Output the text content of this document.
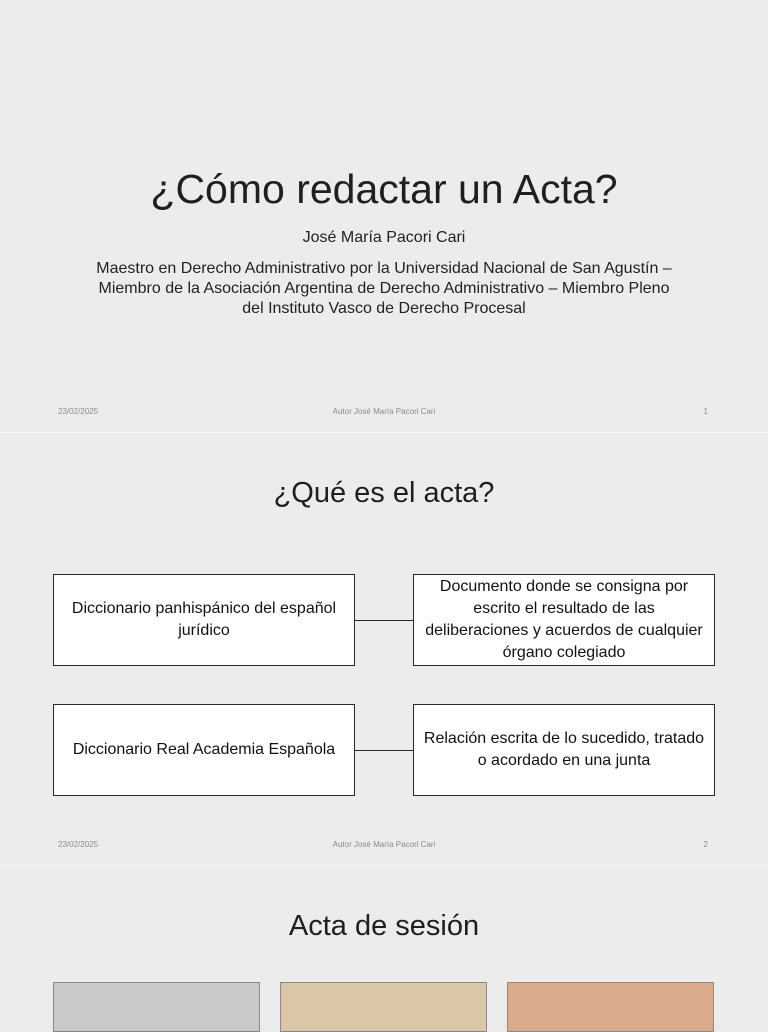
¿Cómo redactar un Acta?
José María Pacori Cari
Maestro en Derecho Administrativo por la Universidad Nacional de San Agustín – Miembro de la Asociación Argentina de Derecho Administrativo – Miembro Pleno del Instituto Vasco de Derecho Procesal
23/02/2025	Autor José María Pacori Cari	1
¿Qué es el acta?
Diccionario panhispánico del español jurídico
Documento donde se consigna por escrito el resultado de las deliberaciones y acuerdos de cualquier órgano colegiado
Diccionario Real Academia Española
Relación escrita de lo sucedido, tratado o acordado en una junta
23/02/2025	Autor José María Pacori Cari	2
Acta de sesión
